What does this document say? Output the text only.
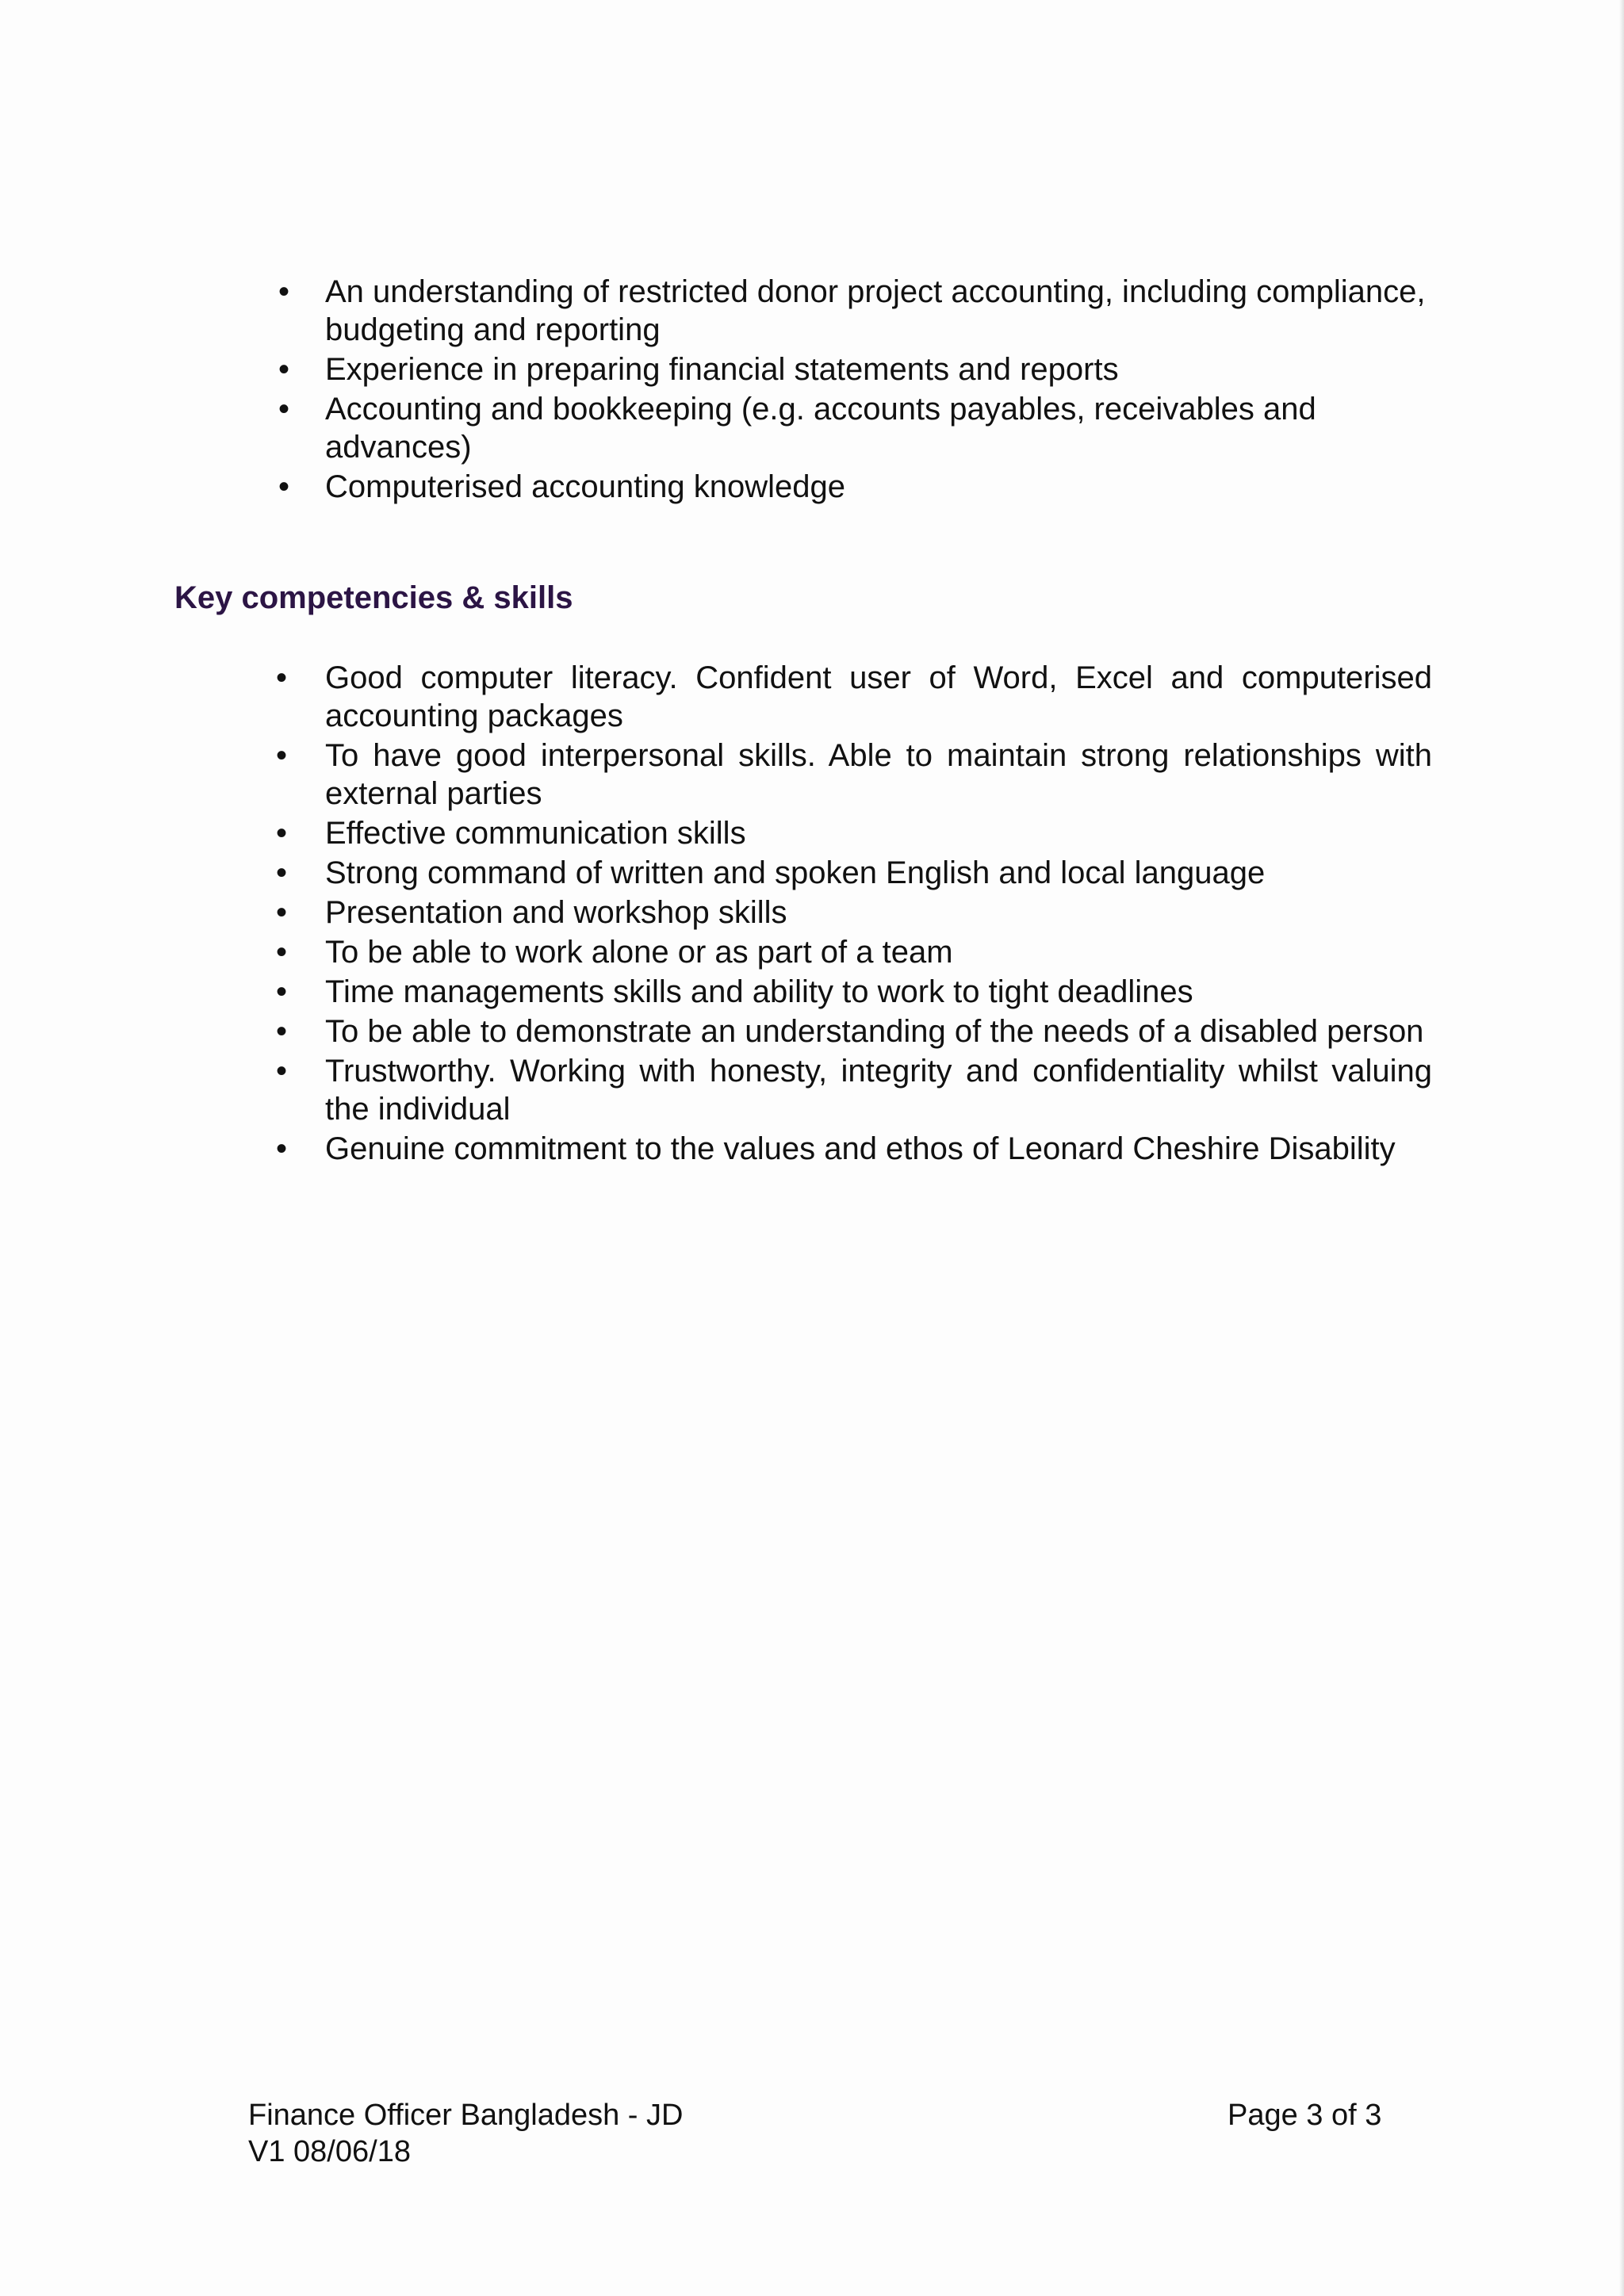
• An understanding of restricted donor project accounting, including compliance, budgeting and reporting
• Experience in preparing financial statements and reports
• Accounting and bookkeeping (e.g. accounts payables, receivables and advances)
• Computerised accounting knowledge
Key competencies & skills
• Good computer literacy. Confident user of Word, Excel and computerised accounting packages
• To have good interpersonal skills. Able to maintain strong relationships with external parties
• Effective communication skills
• Strong command of written and spoken English and local language
• Presentation and workshop skills
• To be able to work alone or as part of a team
• Time managements skills and ability to work to tight deadlines
• To be able to demonstrate an understanding of the needs of a disabled person
• Trustworthy. Working with honesty, integrity and confidentiality whilst valuing the individual
• Genuine commitment to the values and ethos of Leonard Cheshire Disability
Finance Officer Bangladesh - JD
V1 08/06/18
Page 3 of 3
